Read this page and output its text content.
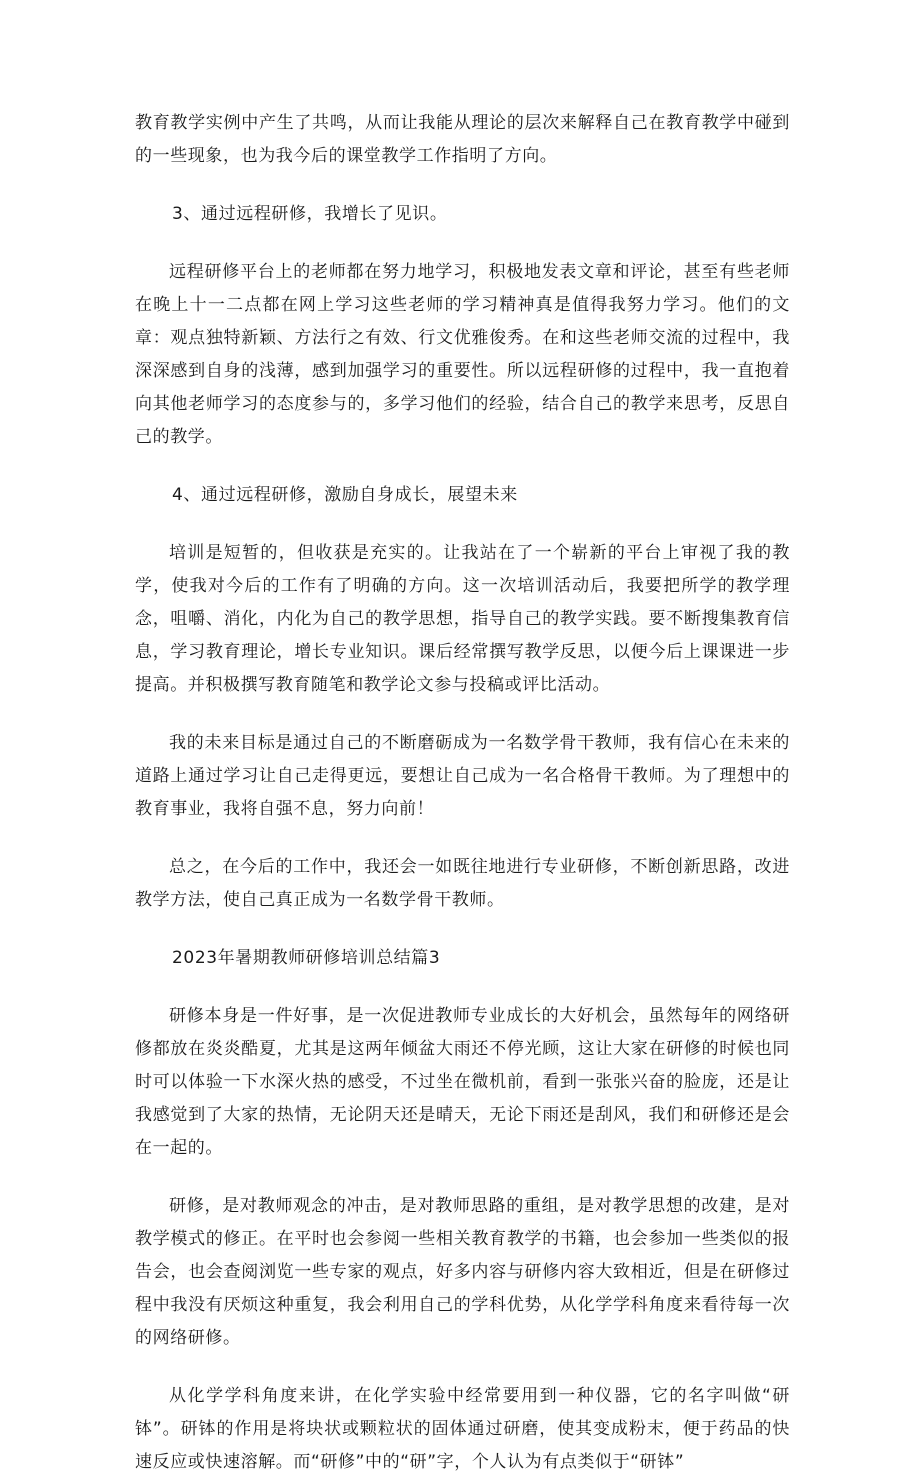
教育教学实例中产生了共鸣，从而让我能从理论的层次来解释自己在教育教学中碰到的一些现象，也为我今后的课堂教学工作指明了方向。

3、通过远程研修，我增长了见识。

远程研修平台上的老师都在努力地学习，积极地发表文章和评论，甚至有些老师在晚上十一二点都在网上学习这些老师的学习精神真是值得我努力学习。他们的文章：观点独特新颖、方法行之有效、行文优雅俊秀。在和这些老师交流的过程中，我深深感到自身的浅薄，感到加强学习的重要性。所以远程研修的过程中，我一直抱着向其他老师学习的态度参与的，多学习他们的经验，结合自己的教学来思考，反思自己的教学。

4、通过远程研修，激励自身成长，展望未来

培训是短暂的，但收获是充实的。让我站在了一个崭新的平台上审视了我的教学，使我对今后的工作有了明确的方向。这一次培训活动后，我要把所学的教学理念，咀嚼、消化，内化为自己的教学思想，指导自己的教学实践。要不断搜集教育信息，学习教育理论，增长专业知识。课后经常撰写教学反思，以便今后上课课进一步提高。并积极撰写教育随笔和教学论文参与投稿或评比活动。

我的未来目标是通过自己的不断磨砺成为一名数学骨干教师，我有信心在未来的道路上通过学习让自己走得更远，要想让自己成为一名合格骨干教师。为了理想中的教育事业，我将自强不息，努力向前！

总之，在今后的工作中，我还会一如既往地进行专业研修，不断创新思路，改进教学方法，使自己真正成为一名数学骨干教师。

2023年暑期教师研修培训总结篇3

研修本身是一件好事，是一次促进教师专业成长的大好机会，虽然每年的网络研修都放在炎炎酷夏，尤其是这两年倾盆大雨还不停光顾，这让大家在研修的时候也同时可以体验一下水深火热的感受，不过坐在微机前，看到一张张兴奋的脸庞，还是让我感觉到了大家的热情，无论阴天还是晴天，无论下雨还是刮风，我们和研修还是会在一起的。

研修，是对教师观念的冲击，是对教师思路的重组，是对教学思想的改建，是对教学模式的修正。在平时也会参阅一些相关教育教学的书籍，也会参加一些类似的报告会，也会查阅浏览一些专家的观点，好多内容与研修内容大致相近，但是在研修过程中我没有厌烦这种重复，我会利用自己的学科优势，从化学学科角度来看待每一次的网络研修。

从化学学科角度来讲，在化学实验中经常要用到一种仪器，它的名字叫做“研钵”。研钵的作用是将块状或颗粒状的固体通过研磨，使其变成粉末，便于药品的快速反应或快速溶解。而“研修”中的“研”字，个人认为有点类似于“研钵”
